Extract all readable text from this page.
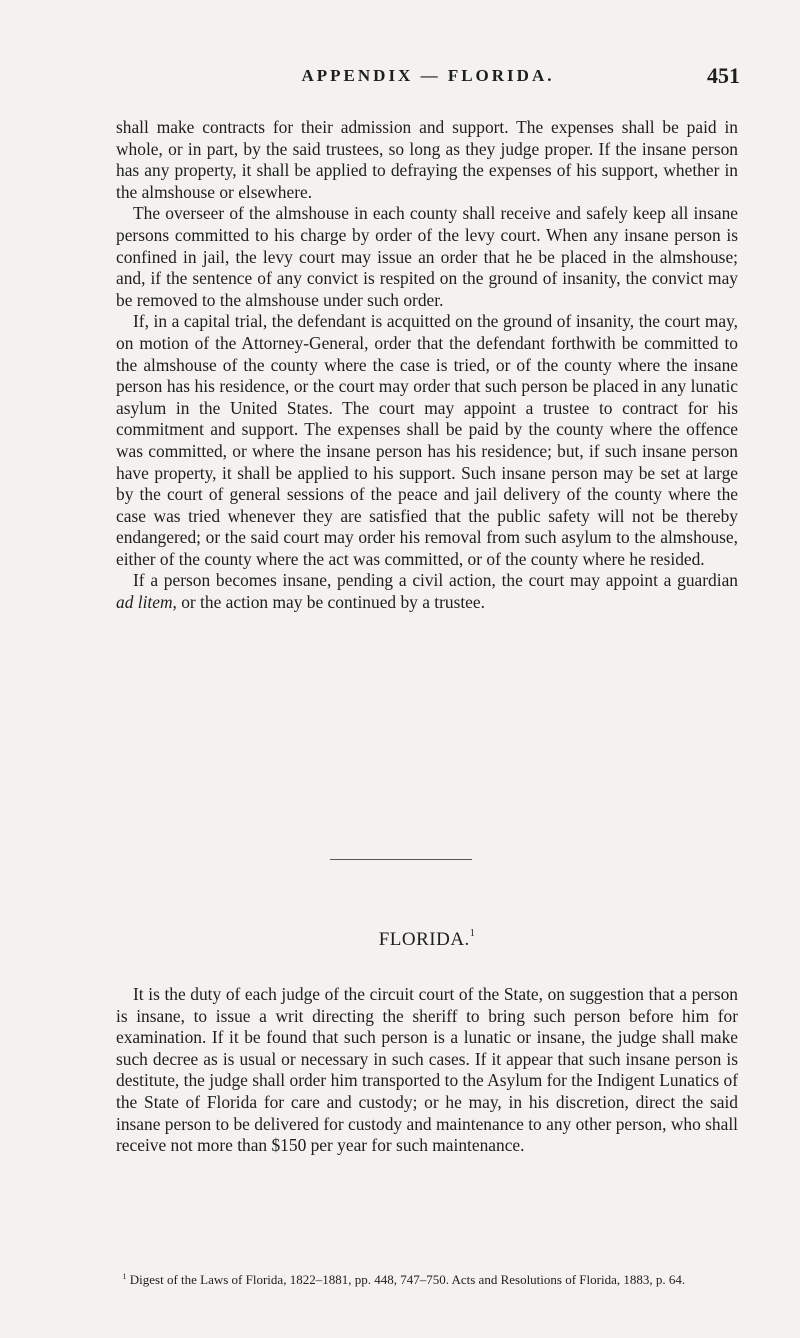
APPENDIX — FLORIDA.	451

shall make contracts for their admission and support. The expenses shall be paid in whole, or in part, by the said trustees, so long as they judge proper. If the insane person has any property, it shall be applied to defraying the expenses of his support, whether in the almshouse or elsewhere.

The overseer of the almshouse in each county shall receive and safely keep all insane persons committed to his charge by order of the levy court. When any insane person is confined in jail, the levy court may issue an order that he be placed in the almshouse; and, if the sentence of any convict is respited on the ground of insanity, the convict may be removed to the almshouse under such order.

If, in a capital trial, the defendant is acquitted on the ground of insanity, the court may, on motion of the Attorney-General, order that the defendant forthwith be committed to the almshouse of the county where the case is tried, or of the county where the insane person has his residence, or the court may order that such person be placed in any lunatic asylum in the United States. The court may appoint a trustee to contract for his commitment and support. The expenses shall be paid by the county where the offence was committed, or where the insane person has his residence; but, if such insane person have property, it shall be applied to his support. Such insane person may be set at large by the court of general sessions of the peace and jail delivery of the county where the case was tried whenever they are satisfied that the public safety will not be thereby endangered; or the said court may order his removal from such asylum to the almshouse, either of the county where the act was committed, or of the county where he resided.

If a person becomes insane, pending a civil action, the court may appoint a guardian ad litem, or the action may be continued by a trustee.

FLORIDA.$^1$

It is the duty of each judge of the circuit court of the State, on suggestion that a person is insane, to issue a writ directing the sheriff to bring such person before him for examination. If it be found that such person is a lunatic or insane, the judge shall make such decree as is usual or necessary in such cases. If it appear that such insane person is destitute, the judge shall order him transported to the Asylum for the Indigent Lunatics of the State of Florida for care and custody; or he may, in his discretion, direct the said insane person to be delivered for custody and maintenance to any other person, who shall receive not more than $150 per year for such maintenance.

$^1$ Digest of the Laws of Florida, 1822–1881, pp. 448, 747–750. Acts and Resolutions of Florida, 1883, p. 64.
